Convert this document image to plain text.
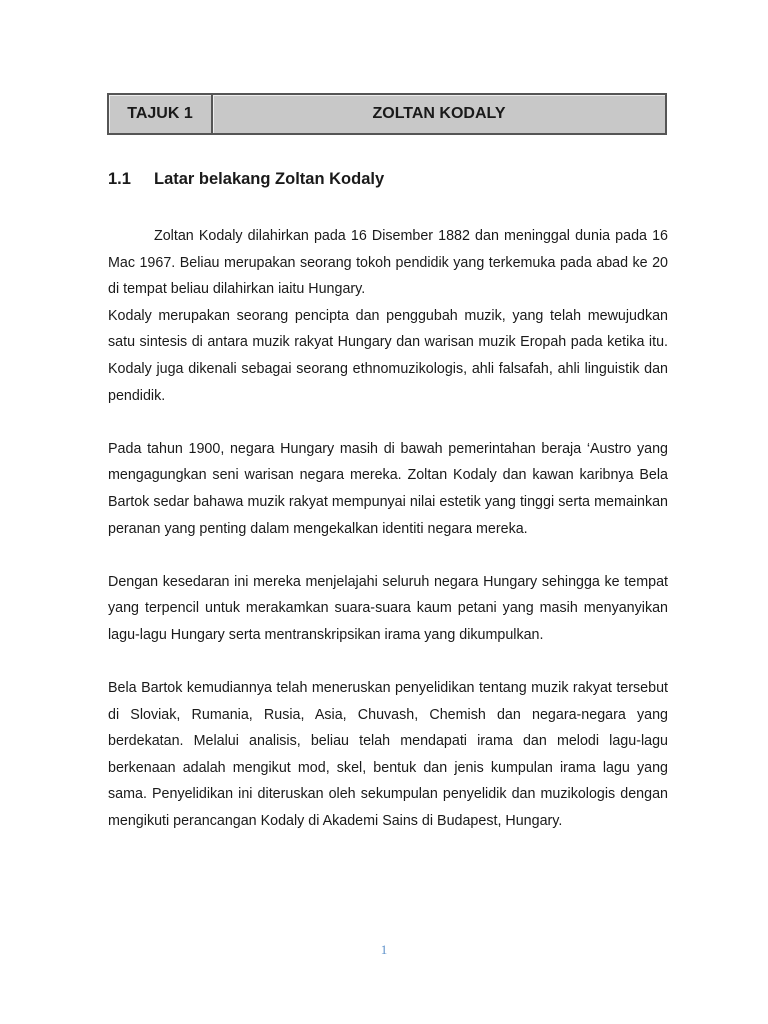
TAJUK 1	ZOLTAN KODALY
1.1	Latar belakang Zoltan Kodaly

Zoltan Kodaly dilahirkan pada 16 Disember 1882 dan meninggal dunia pada 16 Mac 1967. Beliau merupakan seorang tokoh pendidik yang terkemuka pada abad ke 20 di tempat beliau dilahirkan iaitu Hungary.

Kodaly merupakan seorang pencipta dan penggubah muzik, yang telah mewujudkan satu sintesis di antara muzik rakyat Hungary dan warisan muzik Eropah pada ketika itu. Kodaly juga dikenali sebagai seorang ethnomuzikologis, ahli falsafah, ahli linguistik dan pendidik.

Pada tahun 1900, negara Hungary masih di bawah pemerintahan beraja ‘Austro yang mengagungkan seni warisan negara mereka. Zoltan Kodaly dan kawan karibnya Bela Bartok sedar bahawa muzik rakyat mempunyai nilai estetik yang tinggi serta memainkan peranan yang penting dalam mengekalkan identiti negara mereka.

Dengan kesedaran ini mereka menjelajahi seluruh negara Hungary sehingga ke tempat yang terpencil untuk merakamkan suara-suara kaum petani yang masih menyanyikan lagu-lagu Hungary serta mentranskripsikan irama yang dikumpulkan.

Bela Bartok kemudiannya telah meneruskan penyelidikan tentang muzik rakyat tersebut di Sloviak, Rumania, Rusia, Asia, Chuvash, Chemish dan negara-negara yang berdekatan. Melalui analisis, beliau telah mendapati irama dan melodi lagu-lagu berkenaan adalah mengikut mod, skel, bentuk dan jenis kumpulan irama lagu yang sama. Penyelidikan ini diteruskan oleh sekumpulan penyelidik dan muzikologis dengan mengikuti perancangan Kodaly di Akademi Sains di Budapest, Hungary.

1
